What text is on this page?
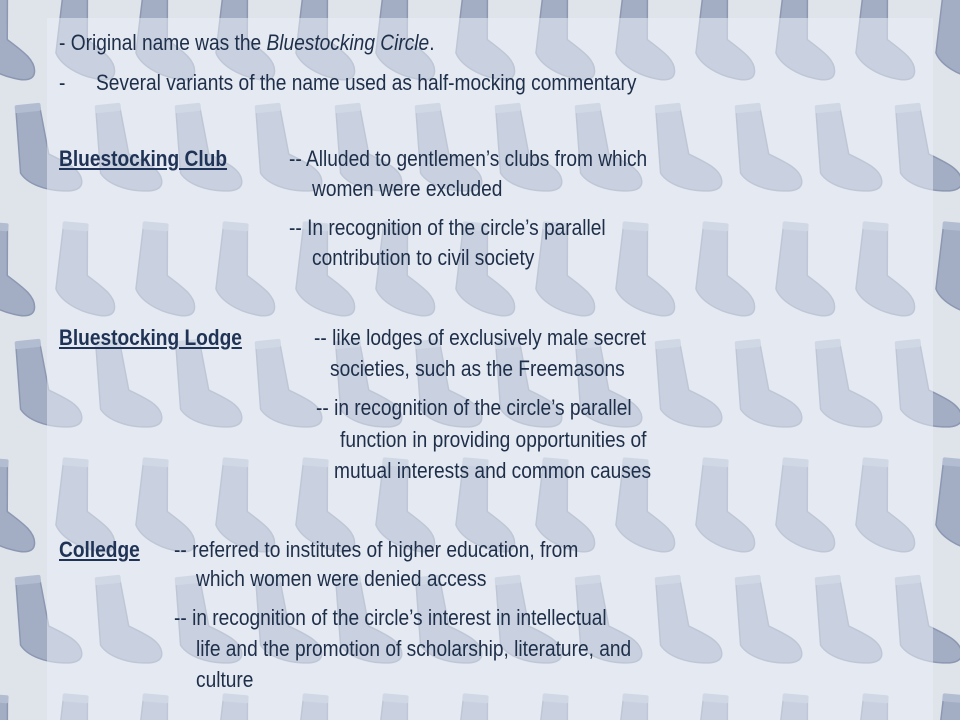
- Original name was the Bluestocking Circle.

- Several variants of the name used as half-mocking commentary

Bluestocking Club	-- Alluded to gentlemen’s clubs from which

women were excluded

-- In recognition of the circle’s parallel

contribution to civil society

Bluestocking Lodge	-- like lodges of exclusively male secret

societies, such as the Freemasons

-- in recognition of the circle’s parallel

function in providing opportunities of

mutual interests and common causes

Colledge -- referred to institutes of higher education, from

which women were denied access

-- in recognition of the circle’s interest in intellectual

life and the promotion of scholarship, literature, and

culture
